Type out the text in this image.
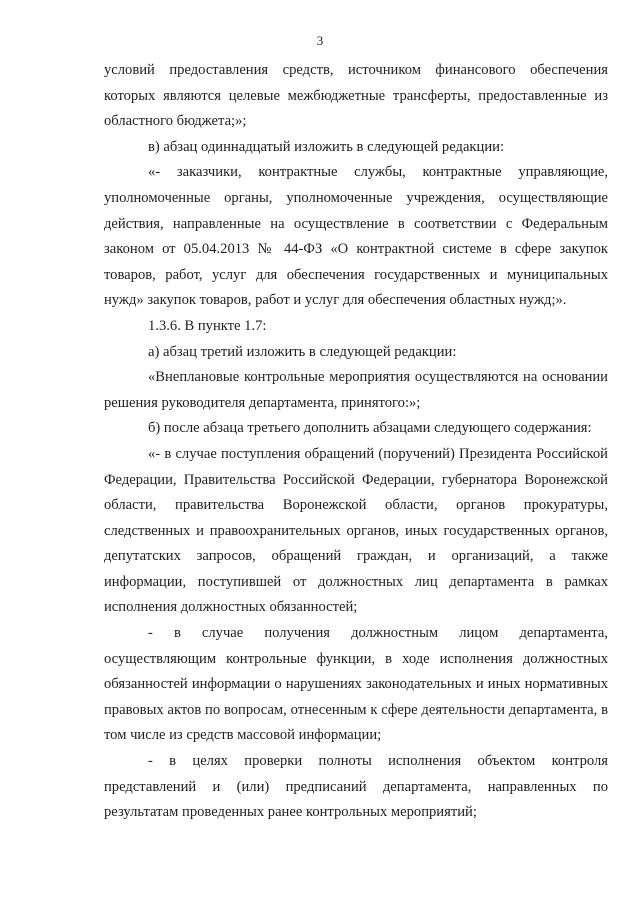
3

условий предоставления средств, источником финансового обеспечения которых являются целевые межбюджетные трансферты, предоставленные из областного бюджета;»;

в) абзац одиннадцатый изложить в следующей редакции:

«- заказчики, контрактные службы, контрактные управляющие, уполномоченные органы, уполномоченные учреждения, осуществляющие действия, направленные на осуществление в соответствии с Федеральным законом от 05.04.2013 № 44-ФЗ «О контрактной системе в сфере закупок товаров, работ, услуг для обеспечения государственных и муниципальных нужд» закупок товаров, работ и услуг для обеспечения областных нужд;».

1.3.6. В пункте 1.7:

а) абзац третий изложить в следующей редакции:

«Внеплановые контрольные мероприятия осуществляются на основании решения руководителя департамента, принятого:»;

б) после абзаца третьего дополнить абзацами следующего содержания:

«- в случае поступления обращений (поручений) Президента Российской Федерации, Правительства Российской Федерации, губернатора Воронежской области, правительства Воронежской области, органов прокуратуры, следственных и правоохранительных органов, иных государственных органов, депутатских запросов, обращений граждан, и организаций, а также информации, поступившей от должностных лиц департамента в рамках исполнения должностных обязанностей;

- в случае получения должностным лицом департамента, осуществляющим контрольные функции, в ходе исполнения должностных обязанностей информации о нарушениях законодательных и иных нормативных правовых актов по вопросам, отнесенным к сфере деятельности департамента, в том числе из средств массовой информации;

- в целях проверки полноты исполнения объектом контроля представлений и (или) предписаний департамента, направленных по результатам проведенных ранее контрольных мероприятий;
